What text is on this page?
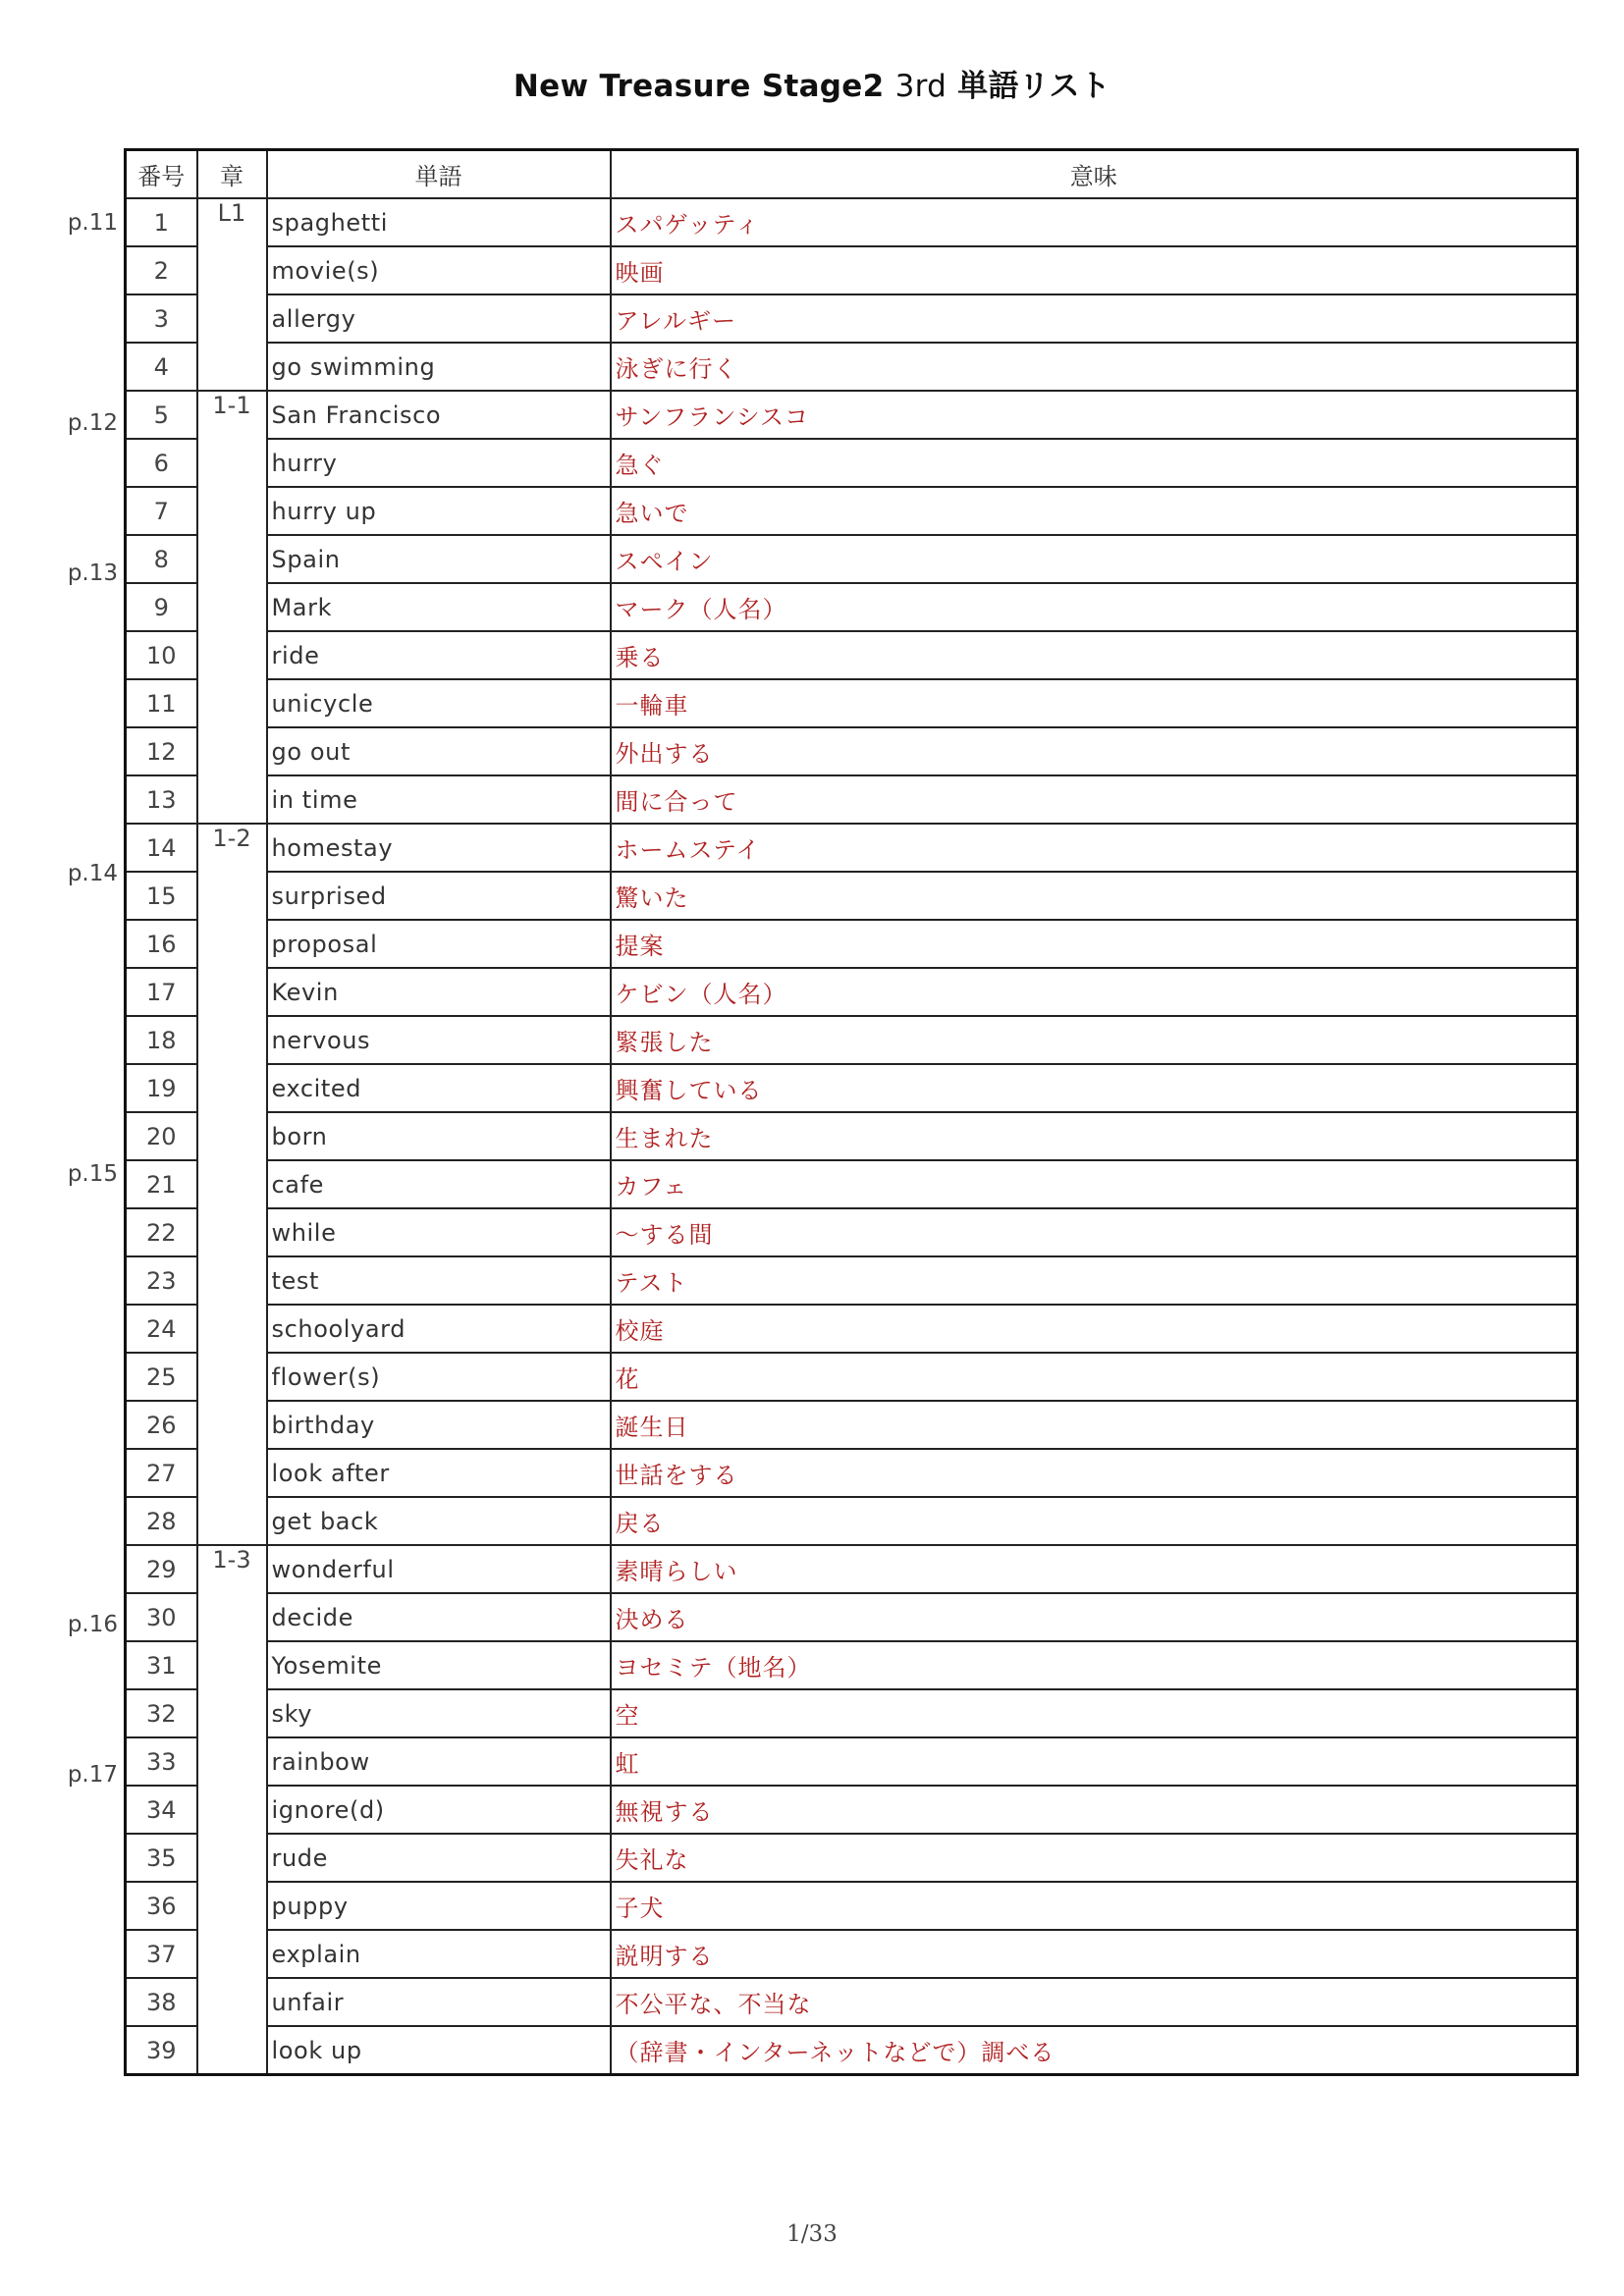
New Treasure Stage2 3rd 単語リスト
p.11
p.12
p.13
p.14
p.15
p.16
p.17
番号	章	単語	意味
1	L1	spaghetti	スパゲッティ
2		movie(s)	映画
3		allergy	アレルギー
4		go swimming	泳ぎに行く
5	1-1	San Francisco	サンフランシスコ
6		hurry	急ぐ
7		hurry up	急いで
8		Spain	スペイン
9		Mark	マーク（人名）
10		ride	乗る
11		unicycle	一輪車
12		go out	外出する
13		in time	間に合って
14	1-2	homestay	ホームステイ
15		surprised	驚いた
16		proposal	提案
17		Kevin	ケビン（人名）
18		nervous	緊張した
19		excited	興奮している
20		born	生まれた
21		cafe	カフェ
22		while	～する間
23		test	テスト
24		schoolyard	校庭
25		flower(s)	花
26		birthday	誕生日
27		look after	世話をする
28		get back	戻る
29	1-3	wonderful	素晴らしい
30		decide	決める
31		Yosemite	ヨセミテ（地名）
32		sky	空
33		rainbow	虹
34		ignore(d)	無視する
35		rude	失礼な
36		puppy	子犬
37		explain	説明する
38		unfair	不公平な、不当な
39		look up	（辞書・インターネットなどで）調べる
1/33
